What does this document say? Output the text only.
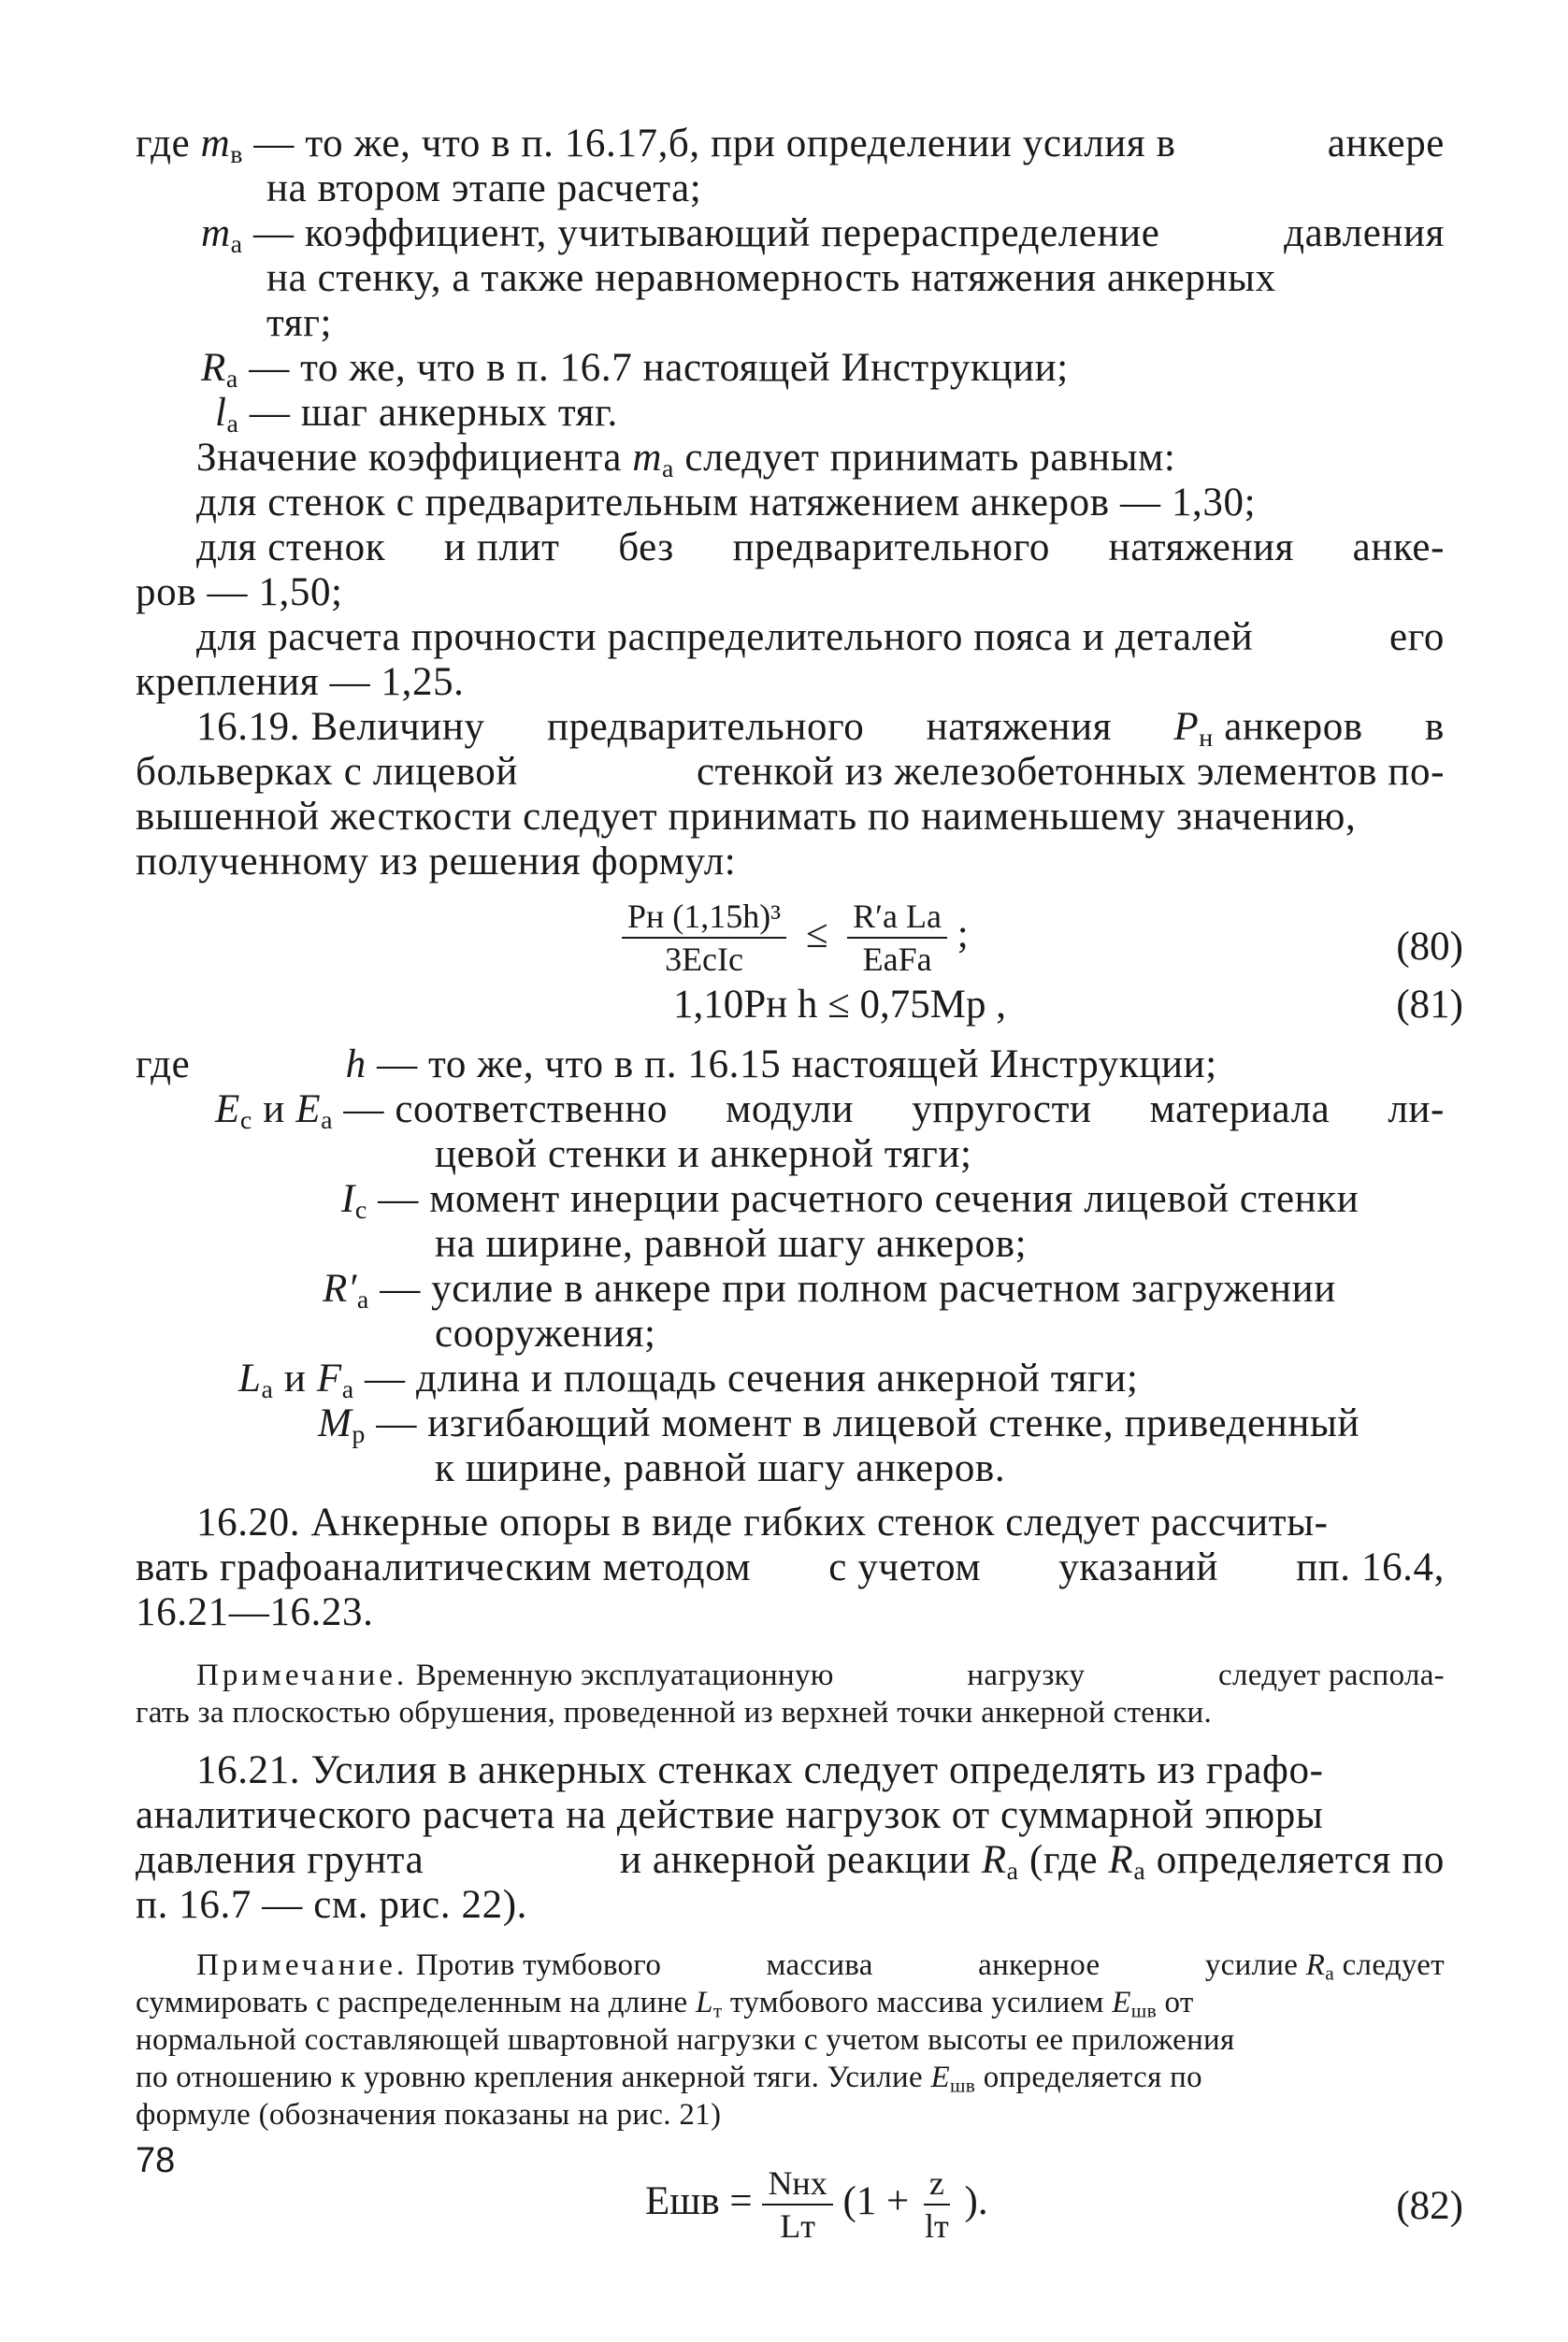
где $m_в$ — то же, что в п. 16.17,б, при определении усилия в	анкере
на втором этапе расчета;
$m_а$ — коэффициент, учитывающий перераспределение	давления
на стенку, а также неравномерность натяжения анкерных
тяг;
$R_а$ — то же, что в п. 16.7 настоящей Инструкции;
$l_а$ — шаг анкерных тяг.
Значение коэффициента $m_а$ следует принимать равным:
для стенок с предварительным натяжением анкеров — 1,30;
для стенок и плит без предварительного натяжения анке-
ров — 1,50;
для расчета прочности распределительного пояса и деталей	его
крепления — 1,25.
16.19. Величину предварительного натяжения $P_н$ анкеров в
больверках с лицевой	стенкой из железобетонных элементов по-
вышенной жесткости следует принимать по наименьшему значению,
полученному из решения формул:
$\frac{\text{Pн (1,15h)³}}{\text{3EcIc}} \le \frac{\text{R′а Lа}}{\text{EаFа}}$ ;	(80)
1,10Pн h ≤ 0,75Mp ,	(81)
где	h — то же, что в п. 16.15 настоящей Инструкции;
$E_c$ и $E_а$ — соответственно модули упругости материала ли-
цевой стенки и анкерной тяги;
$I_c$ — момент инерции расчетного сечения лицевой стенки
на ширине, равной шагу анкеров;
$R'_а$ — усилие в анкере при полном расчетном загружении
сооружения;
$L_а$ и $F_а$ — длина и площадь сечения анкерной тяги;
$M_p$ — изгибающий момент в лицевой стенке, приведенный
к ширине, равной шагу анкеров.
16.20. Анкерные опоры в виде гибких стенок следует рассчиты-
вать графоаналитическим методом с учетом указаний пп. 16.4,
16.21—16.23.
Примечание. Временную эксплуатационную	нагрузку	следует распола-
гать за плоскостью обрушения, проведенной из верхней точки анкерной стенки.
16.21. Усилия в анкерных стенках следует определять из графо-
аналитического расчета на действие нагрузок от суммарной эпюры
давления грунта	и анкерной реакции $R_а$ (где $R_а$ определяется по
п. 16.7 — см. рис. 22).
Примечание. Против тумбового	массива	анкерное	усилие $R_а$ следует
суммировать с распределенным на длине $L_т$ тумбового массива усилием $E_{шв}$ от
нормальной составляющей швартовной нагрузки с учетом высоты ее приложения
по отношению к уровню крепления анкерной тяги. Усилие $E_{шв}$ определяется по
формуле (обозначения показаны на рис. 21)
Eшв = $\frac{\text{Nнx}}{Lт} (1 + \frac{z}{lт}$ ).	(82)
78
